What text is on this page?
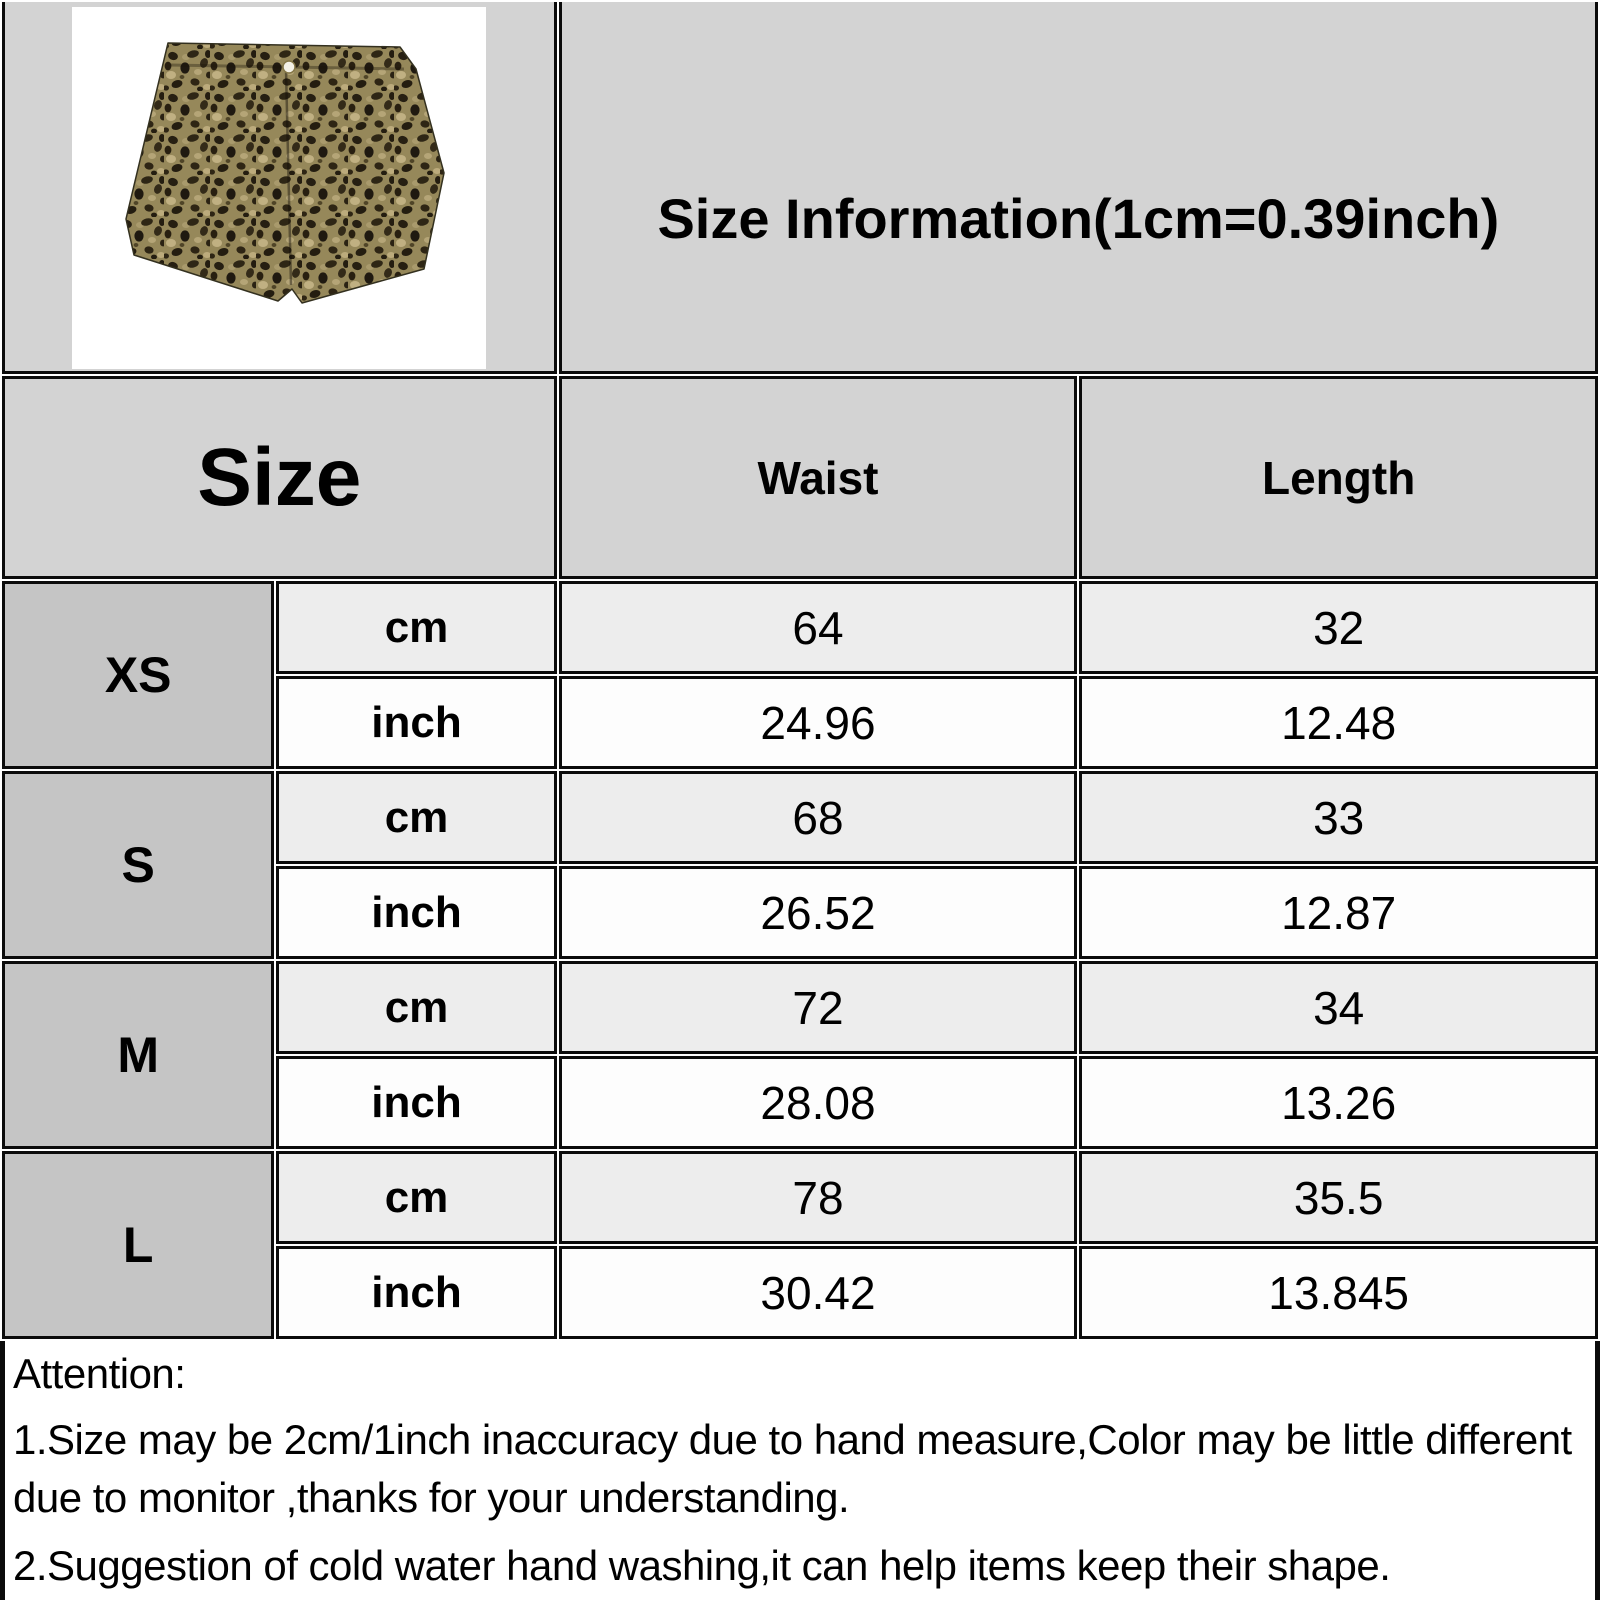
Size Information(1cm=0.39inch)	

Size		Waist	Length
XS	cm	64	32
	inch	24.96	12.48
S	cm	68	33
	inch	26.52	12.87
M	cm	72	34
	inch	28.08	13.26
L	cm	78	35.5
	inch	30.42	13.845

Attention:

1.Size may be 2cm/1inch inaccuracy due to hand measure,Color may be little different due to monitor ,thanks for your understanding.

2.Suggestion of cold water hand washing,it can help items keep their shape.
